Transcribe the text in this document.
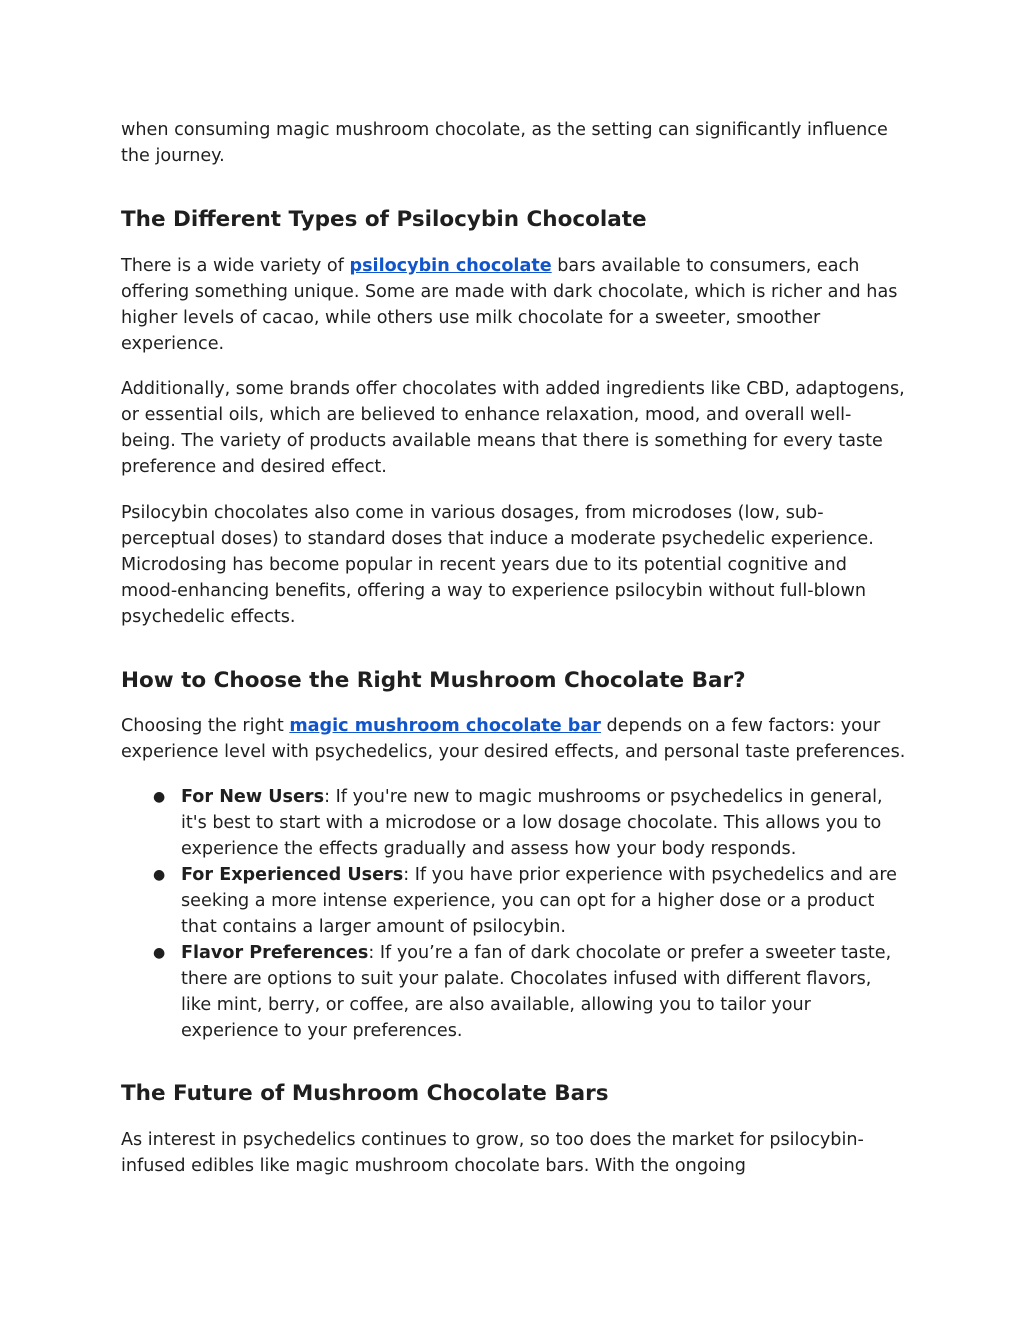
when consuming magic mushroom chocolate, as the setting can significantly influence the journey.

The Different Types of Psilocybin Chocolate

There is a wide variety of psilocybin chocolate bars available to consumers, each offering something unique. Some are made with dark chocolate, which is richer and has higher levels of cacao, while others use milk chocolate for a sweeter, smoother experience.

Additionally, some brands offer chocolates with added ingredients like CBD, adaptogens, or essential oils, which are believed to enhance relaxation, mood, and overall well-being. The variety of products available means that there is something for every taste preference and desired effect.

Psilocybin chocolates also come in various dosages, from microdoses (low, sub-perceptual doses) to standard doses that induce a moderate psychedelic experience. Microdosing has become popular in recent years due to its potential cognitive and mood-enhancing benefits, offering a way to experience psilocybin without full-blown psychedelic effects.

How to Choose the Right Mushroom Chocolate Bar?

Choosing the right magic mushroom chocolate bar depends on a few factors: your experience level with psychedelics, your desired effects, and personal taste preferences.

● For New Users: If you're new to magic mushrooms or psychedelics in general, it's best to start with a microdose or a low dosage chocolate. This allows you to experience the effects gradually and assess how your body responds.
● For Experienced Users: If you have prior experience with psychedelics and are seeking a more intense experience, you can opt for a higher dose or a product that contains a larger amount of psilocybin.
● Flavor Preferences: If you’re a fan of dark chocolate or prefer a sweeter taste, there are options to suit your palate. Chocolates infused with different flavors, like mint, berry, or coffee, are also available, allowing you to tailor your experience to your preferences.
The Future of Mushroom Chocolate Bars

As interest in psychedelics continues to grow, so too does the market for psilocybin-infused edibles like magic mushroom chocolate bars. With the ongoing
